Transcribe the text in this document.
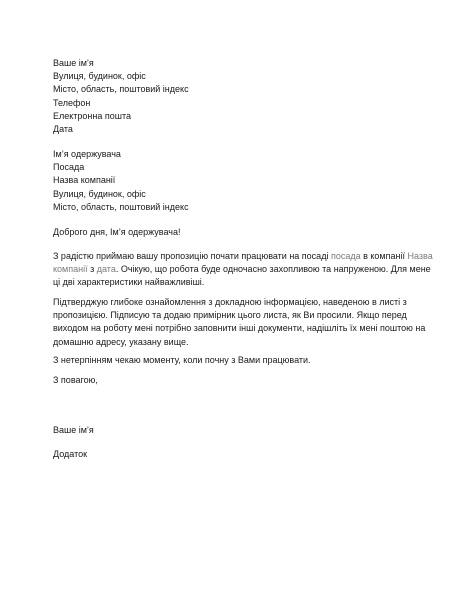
Ваше ім’я
Вулиця, будинок, офіс
Місто, область, поштовий індекс
Телефон
Електронна пошта
Дата
Ім’я одержувача
Посада
Назва компанії
Вулиця, будинок, офіс
Місто, область, поштовий індекс
Доброго дня, Ім’я одержувача!
З радістю приймаю вашу пропозицію почати працювати на посаді посада в компанії Назва
компанії з дата. Очікую, що робота буде одночасно захопливою та напруженою. Для мене
ці дві характеристики найважливіші.
Підтверджую глибоке ознайомлення з докладною інформацією, наведеною в листі з
пропозицією. Підписую та додаю примірник цього листа, як Ви просили. Якщо перед
виходом на роботу мені потрібно заповнити інші документи, надішліть їх мені поштою на
домашню адресу, указану вище.
З нетерпінням чекаю моменту, коли почну з Вами працювати.
З повагою,
Ваше ім’я
Додаток
